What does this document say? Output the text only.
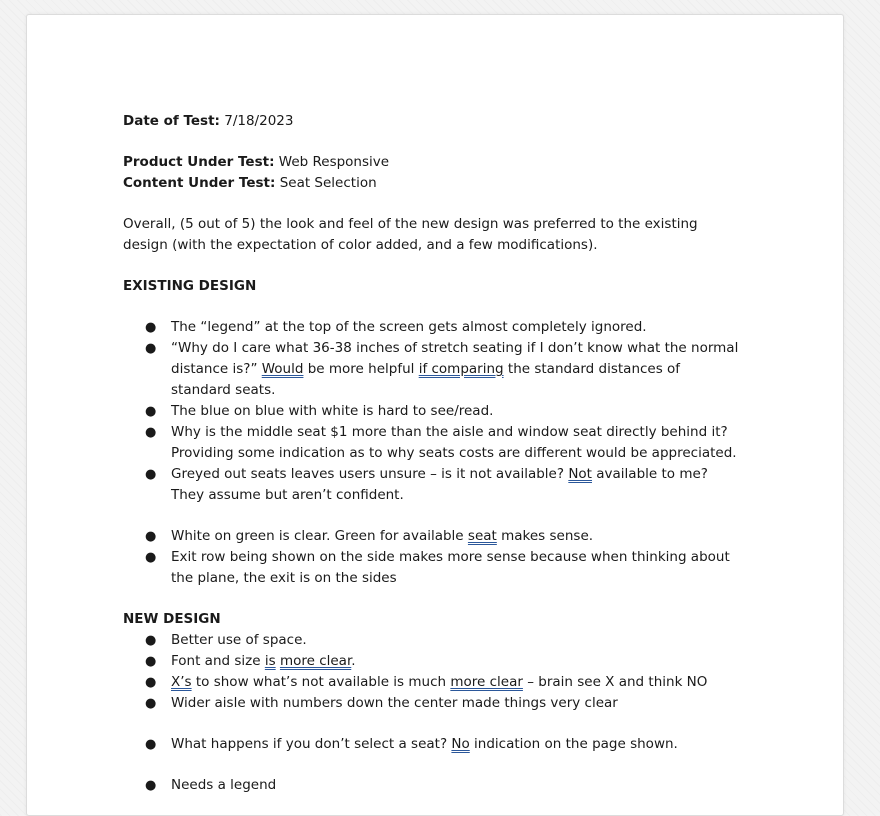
Date of Test: 7/18/2023

Product Under Test: Web Responsive

Content Under Test: Seat Selection

Overall, (5 out of 5) the look and feel of the new design was preferred to the existing design (with the expectation of color added, and a few modifications).

EXISTING DESIGN

● The “legend” at the top of the screen gets almost completely ignored.
● “Why do I care what 36-38 inches of stretch seating if I don’t know what the normal distance is?” Would be more helpful if comparing the standard distances of standard seats.
● The blue on blue with white is hard to see/read.
● Why is the middle seat $1 more than the aisle and window seat directly behind it? Providing some indication as to why seats costs are different would be appreciated.
● Greyed out seats leaves users unsure – is it not available? Not available to me? They assume but aren’t confident.
● White on green is clear. Green for available seat makes sense.
● Exit row being shown on the side makes more sense because when thinking about the plane, the exit is on the sides

NEW DESIGN

● Better use of space.
● Font and size is more clear.
● X’s to show what’s not available is much more clear – brain see X and think NO
● Wider aisle with numbers down the center made things very clear
● What happens if you don’t select a seat? No indication on the page shown.
● Needs a legend
